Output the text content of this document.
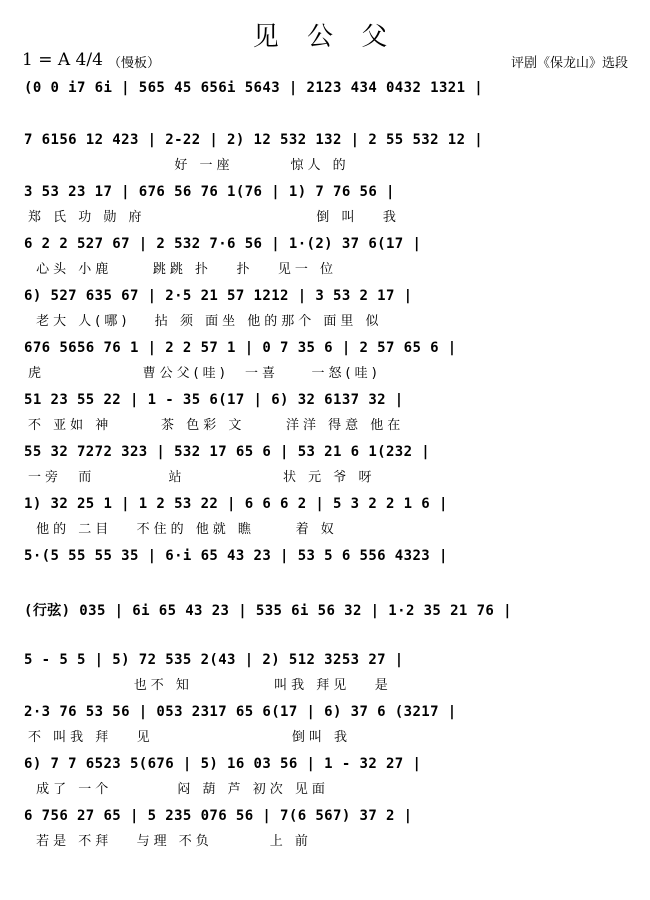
见 公 父
1 = A 4/4 （慢板）	评剧《保龙山》选段
(0 0 i7 6i | 565 45 656i 5643 | 2123 434 0432 1321 |
7 6156 12 423 | 2-22 | 2) 12 532 132 | 2 55 532 12 |
好 一座       惊人 的
3 53 23 17 | 676 56 76 1(76 | 1) 7 76 56 |
郑 氏 功 勋 府                     倒 叫   我
6 2 2 527 67 | 2 532 7·6 56 | 1·(2) 37 6(17 |
心头 小鹿     跳跳 扑   扑   见一 位
6) 527 635 67 | 2·5 21 57 1212 | 3 53 2 17 |
老大 人(哪)   拈 须 面坐 他的那个 面里 似
676 5656 76 1 | 2 2 57 1 | 0 7 35 6 | 2 57 65 6 |
虎            曹公父(哇)  一喜    一怒(哇)
51 23 55 22 | 1 - 35 6(17 | 6) 32 6137 32 |
不 亚如 神      茶 色彩 文     洋洋 得意 他在
55 32 7272 323 | 532 17 65 6 | 53 21 6 1(232 |
一旁  而         站            状 元 爷 呀
1) 32 25 1 | 1 2 53 22 | 6 6 6 2 | 5 3 2 2 1 6 |
他的 二目   不住的 他就 瞧     着 奴
5·(5 55 55 35 | 6·i 65 43 23 | 53 5 6 556 4323 |
(行弦) 035 | 6i 65 43 23 | 535 6i 56 32 | 1·2 35 21 76 |
5 - 5 5 | 5) 72 535 2(43 | 2) 512 3253 27 |
也不 知          叫我 拜见   是
2·3 76 53 56 | 053 2317 65 6(17 | 6) 37 6 (3217 |
不 叫我 拜   见                 倒叫 我
6) 7 7 6523 5(676 | 5) 16 03 56 | 1 - 32 27 |
成了 一个        闷 葫 芦 初次 见面
6 756 27 65 | 5 235 076 56 | 7(6 567) 37 2 |
若是 不拜   与理 不负       上 前
